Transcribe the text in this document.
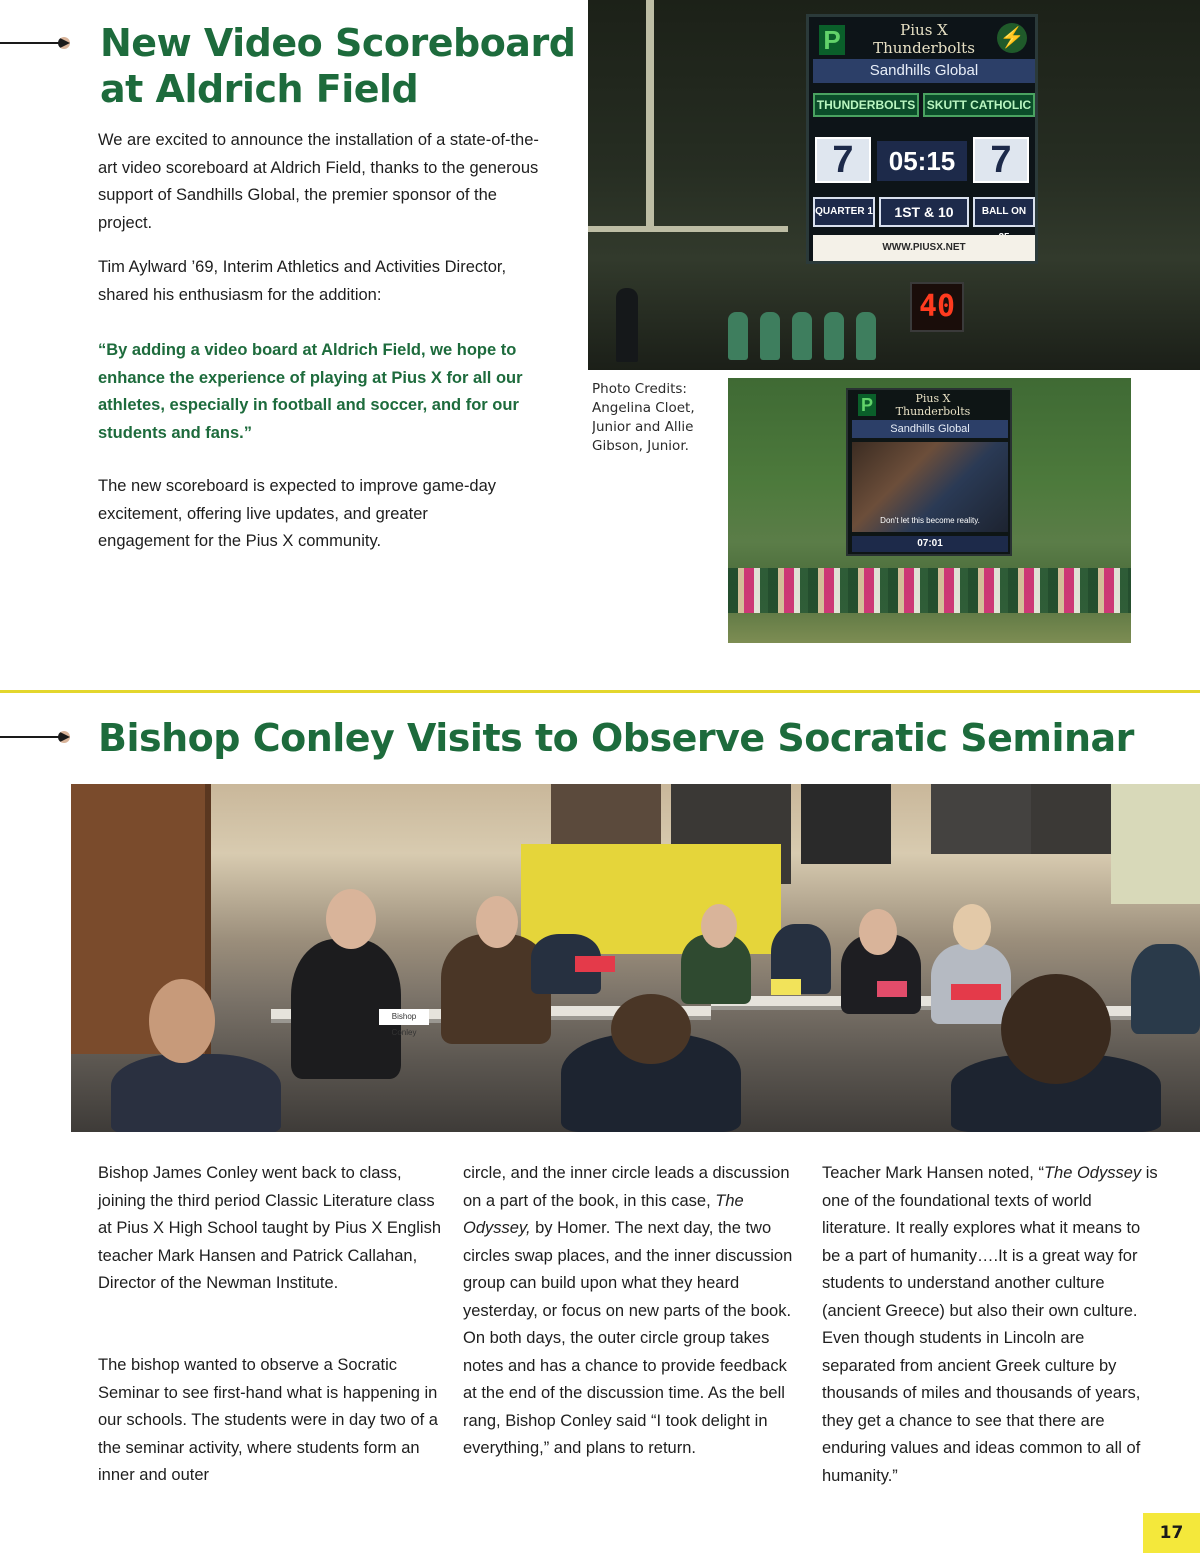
New Video Scoreboard at Aldrich Field

We are excited to announce the installation of a state-of-the-art video scoreboard at Aldrich Field, thanks to the generous support of Sandhills Global, the premier sponsor of the project.

Tim Aylward ’69, Interim Athletics and Activities Director, shared his enthusiasm for the addition:

“By adding a video board at Aldrich Field, we hope to enhance the experience of playing at Pius X for all our athletes, especially in football and soccer, and for our students and fans.”

The new scoreboard is expected to improve game-day excitement, offering live updates, and greater engagement for the Pius X community.

P	Pius X Thunderbolts	⚡
Sandhills Global
THUNDERBOLTS SKUTT CATHOLIC
7	05:15 7
QUARTER 1	1ST & 10	BALL ON
WWW.PIUSX.NET
40
Photo Credits: Angelina Cloet, Junior and Allie Gibson, Junior.
P	Pius X Thunderbolts
Sandhills Global
Don't let this become reality.
07:01
Bishop Conley Visits to Observe Socratic Seminar
Bishop Conley

Bishop James Conley went back to class, joining the third period Classic Literature class at Pius X High School taught by Pius X English teacher Mark Hansen and Patrick Callahan, Director of the Newman Institute.

The bishop wanted to observe a Socratic Seminar to see first-hand what is happening in our schools. The students were in day two of a the seminar activity, where students form an inner and outer

circle, and the inner circle leads a discussion on a part of the book, in this case, The Odyssey, by Homer. The next day, the two circles swap places, and the inner discussion group can build upon what they heard yesterday, or focus on new parts of the book. On both days, the outer circle group takes notes and has a chance to provide feedback at the end of the discussion time. As the bell rang, Bishop Conley said “I took delight in everything,” and plans to return.

Teacher Mark Hansen noted, “The Odyssey is one of the foundational texts of world literature. It really explores what it means to be a part of humanity….It is a great way for students to understand another culture (ancient Greece) but also their own culture. Even though students in Lincoln are separated from ancient Greek culture by thousands of miles and thousands of years, they get a chance to see that there are enduring values and ideas common to all of humanity.”

17
